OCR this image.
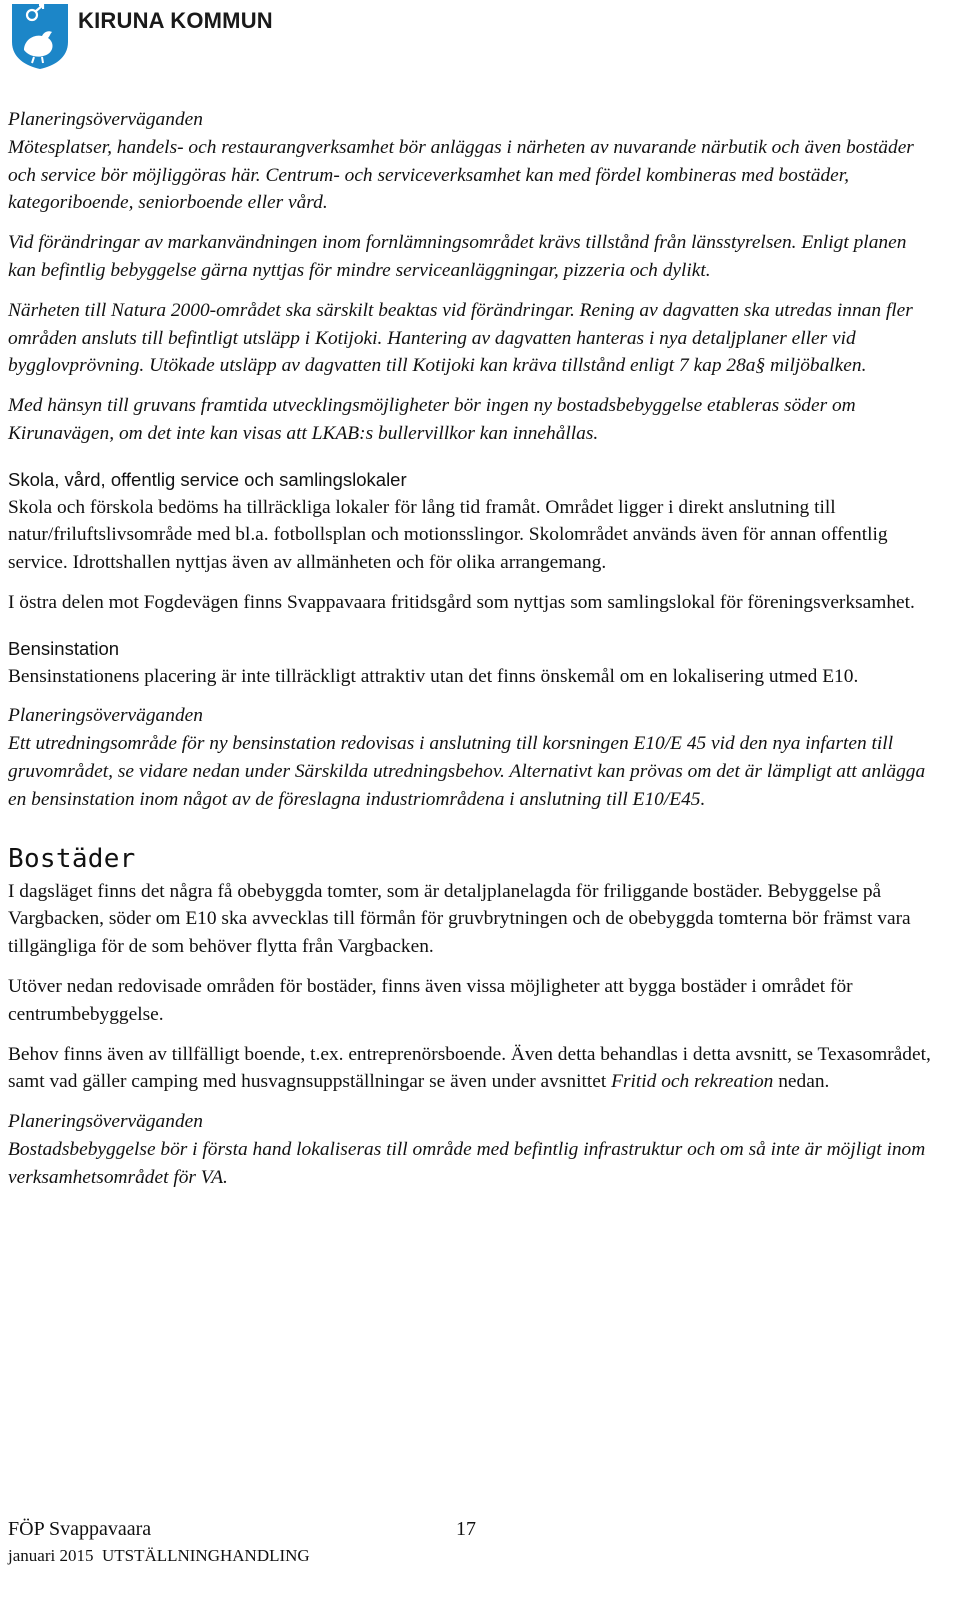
KIRUNA KOMMUN

Planeringsöverväganden
Mötesplatser, handels- och restaurangverksamhet bör anläggas i närheten av nuvarande närbutik och även bostäder och service bör möjliggöras här. Centrum- och serviceverksamhet kan med fördel kombineras med bostäder, kategoriboende, seniorboende eller vård.

Vid förändringar av markanvändningen inom fornlämningsområdet krävs tillstånd från länsstyrelsen. Enligt planen kan befintlig bebyggelse gärna nyttjas för mindre serviceanläggningar, pizzeria och dylikt.

Närheten till Natura 2000-området ska särskilt beaktas vid förändringar. Rening av dagvatten ska utredas innan fler områden ansluts till befintligt utsläpp i Kotijoki. Hantering av dagvatten hanteras i nya detaljplaner eller vid bygglovprövning. Utökade utsläpp av dagvatten till Kotijoki kan kräva tillstånd enligt 7 kap 28a§ miljöbalken.

Med hänsyn till gruvans framtida utvecklingsmöjligheter bör ingen ny bostadsbebyggelse etableras söder om Kirunavägen, om det inte kan visas att LKAB:s bullervillkor kan innehållas.

Skola, vård, offentlig service och samlingslokaler
Skola och förskola bedöms ha tillräckliga lokaler för lång tid framåt. Området ligger i direkt anslutning till natur/friluftslivsområde med bl.a. fotbollsplan och motionsslingor. Skolområdet används även för annan offentlig service. Idrottshallen nyttjas även av allmänheten och för olika arrangemang.

I östra delen mot Fogdevägen finns Svappavaara fritidsgård som nyttjas som samlingslokal för föreningsverksamhet.

Bensinstation
Bensinstationens placering är inte tillräckligt attraktiv utan det finns önskemål om en lokalisering utmed E10.

Planeringsöverväganden
Ett utredningsområde för ny bensinstation redovisas i anslutning till korsningen E10/E 45 vid den nya infarten till gruvområdet, se vidare nedan under Särskilda utredningsbehov. Alternativt kan prövas om det är lämpligt att anlägga en bensinstation inom något av de föreslagna industriområdena i anslutning till E10/E45.

Bostäder

I dagsläget finns det några få obebyggda tomter, som är detaljplanelagda för friliggande bostäder. Bebyggelse på Vargbacken, söder om E10 ska avvecklas till förmån för gruvbrytningen och de obebyggda tomterna bör främst vara tillgängliga för de som behöver flytta från Vargbacken.

Utöver nedan redovisade områden för bostäder, finns även vissa möjligheter att bygga bostäder i området för centrumbebyggelse.

Behov finns även av tillfälligt boende, t.ex. entreprenörsboende. Även detta behandlas i detta avsnitt, se Texasområdet, samt vad gäller camping med husvagnsuppställningar se även under avsnittet Fritid och rekreation nedan.

Planeringsöverväganden
Bostadsbebyggelse bör i första hand lokaliseras till område med befintlig infrastruktur och om så inte är möjligt inom verksamhetsområdet för VA.

FÖP Svappavaara	17
januari 2015  UTSTÄLLNINGHANDLING
